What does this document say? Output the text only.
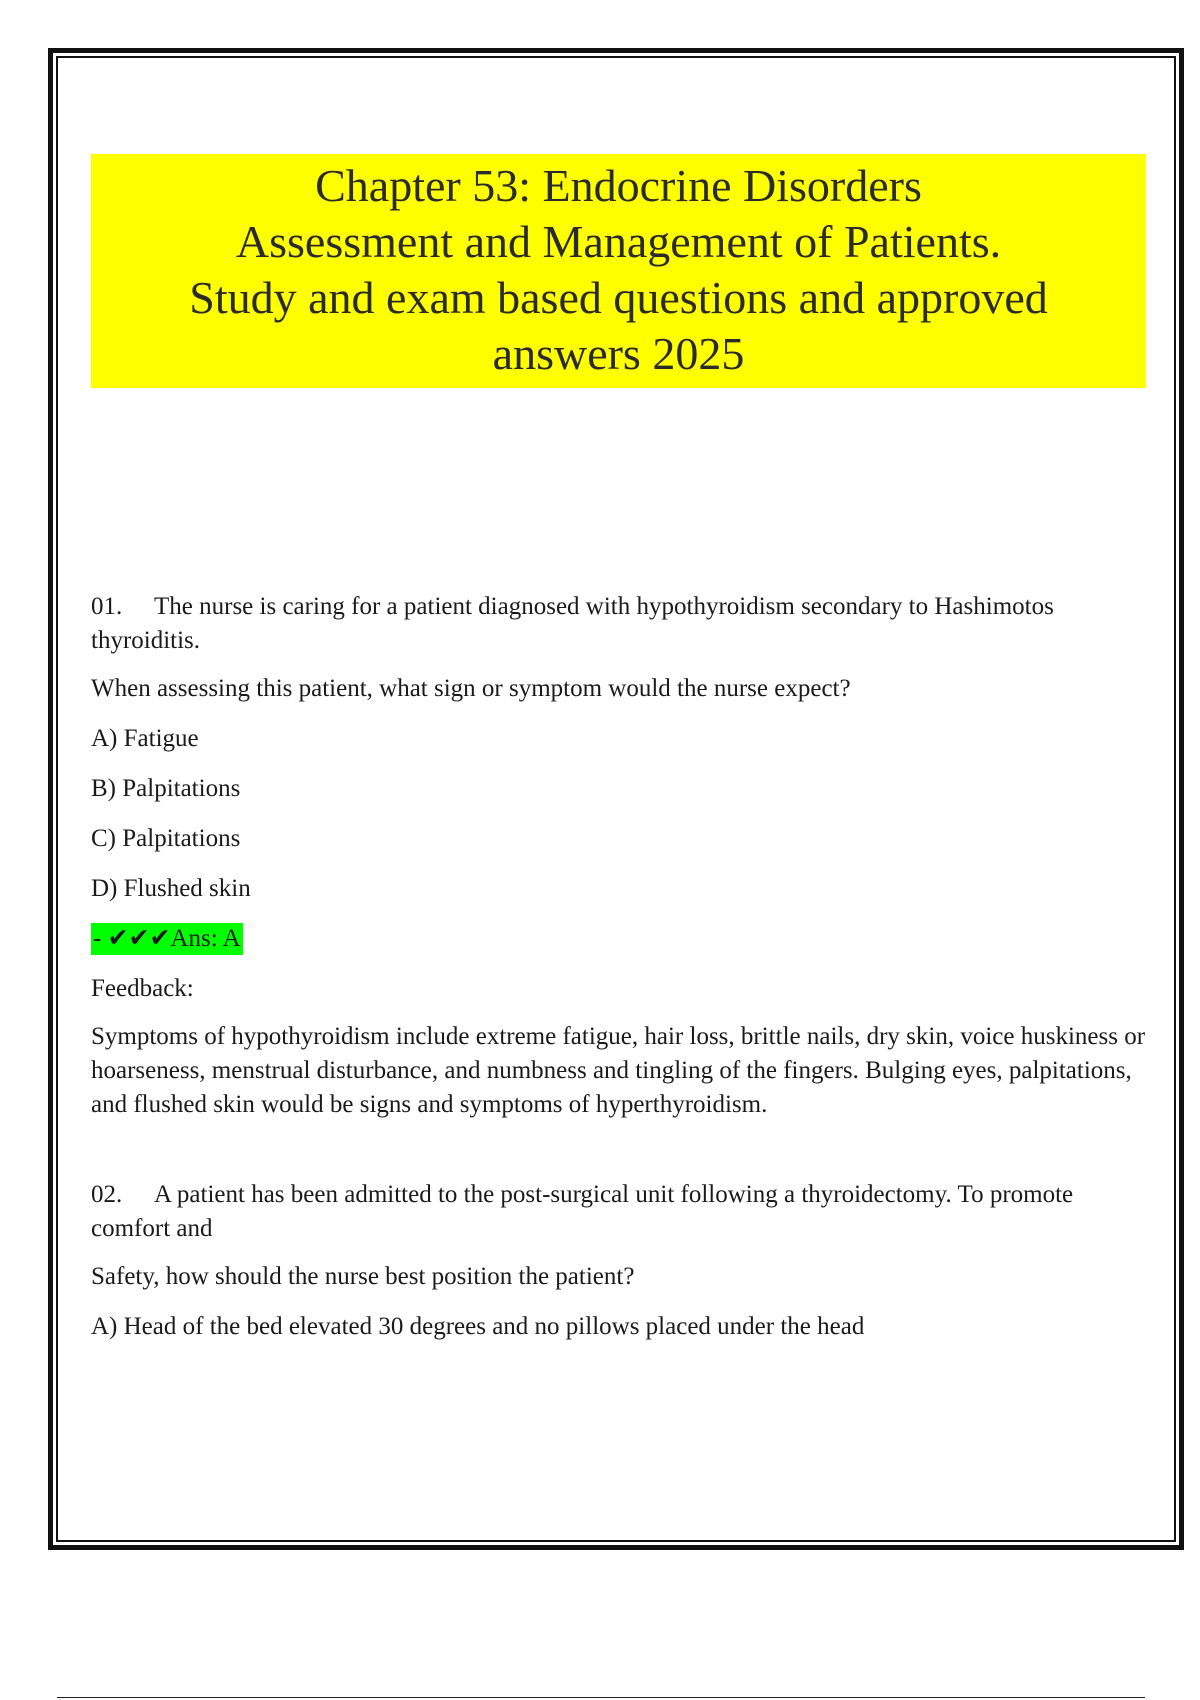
Chapter 53: Endocrine Disorders
Assessment and Management of Patients.
Study and exam based questions and approved
answers 2025

01. The nurse is caring for a patient diagnosed with hypothyroidism secondary to Hashimotos thyroiditis.

When assessing this patient, what sign or symptom would the nurse expect?

A) Fatigue

B) Palpitations

C) Palpitations

D) Flushed skin

- ✔✔✔Ans: A

Feedback:

Symptoms of hypothyroidism include extreme fatigue, hair loss, brittle nails, dry skin, voice huskiness or hoarseness, menstrual disturbance, and numbness and tingling of the fingers. Bulging eyes, palpitations, and flushed skin would be signs and symptoms of hyperthyroidism.

02. A patient has been admitted to the post-surgical unit following a thyroidectomy. To promote comfort and

Safety, how should the nurse best position the patient?

A) Head of the bed elevated 30 degrees and no pillows placed under the head
